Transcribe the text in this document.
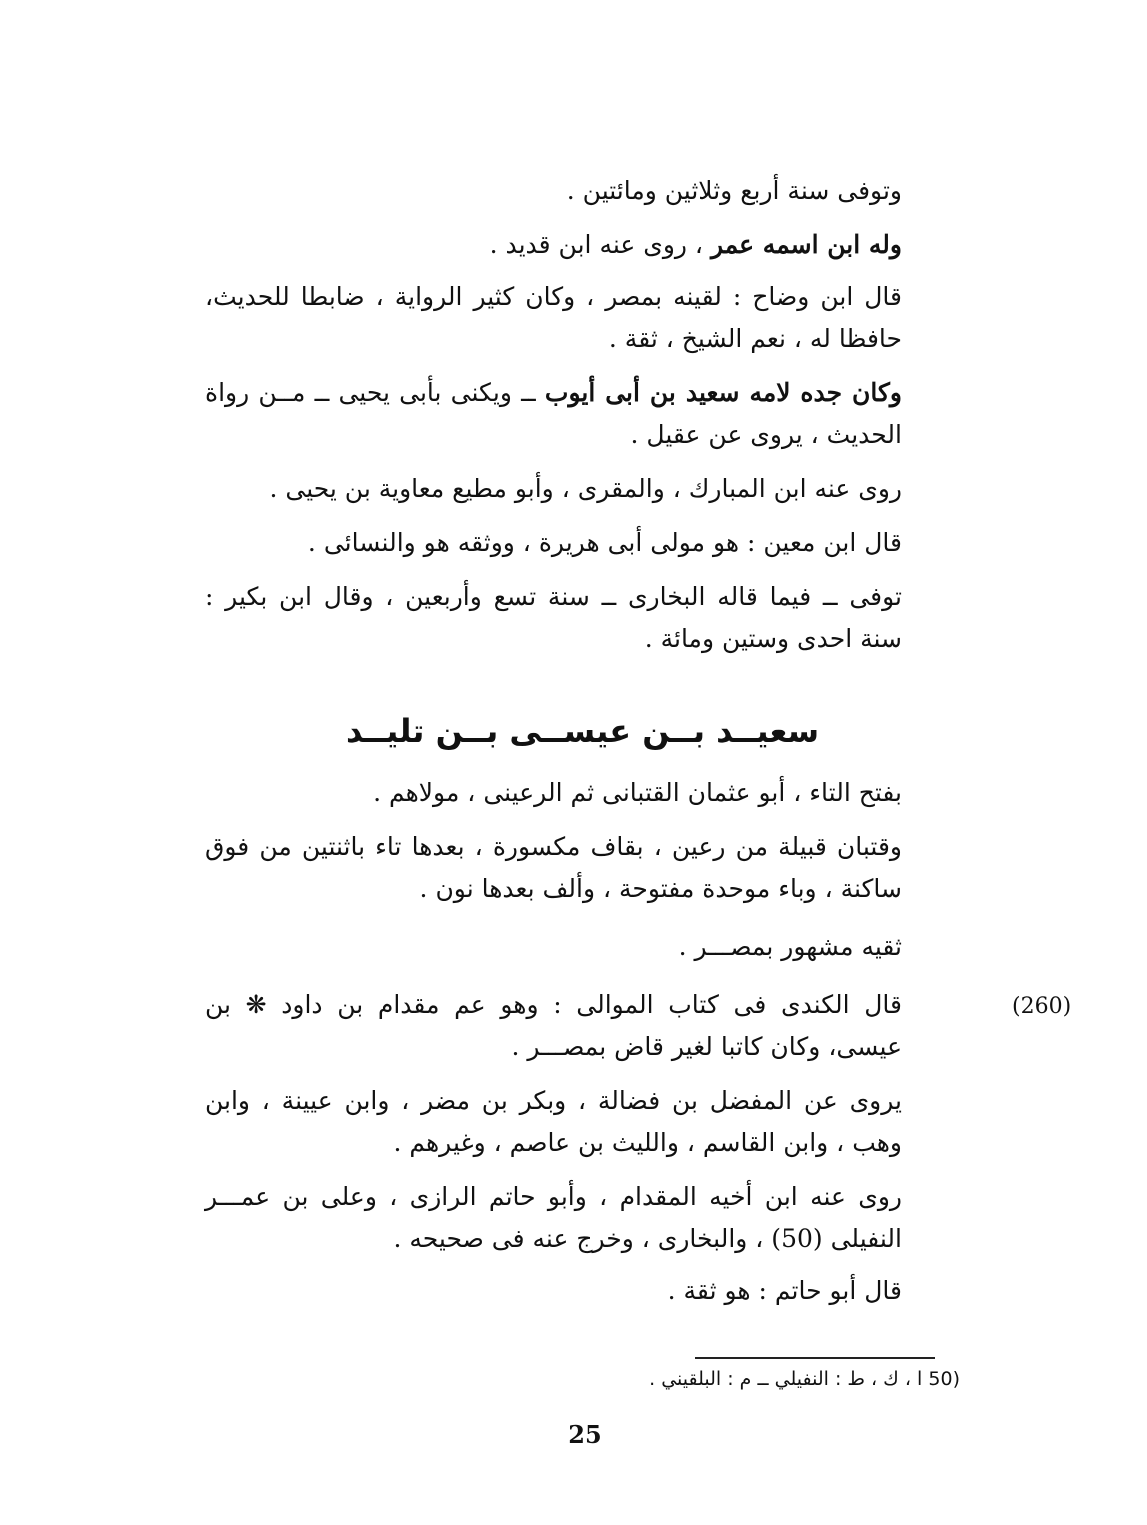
وتوفى سنة أربع وثلاثين ومائتين .

وله ابن اسمه عمر ، روى عنه ابن قديد .

قال ابن وضاح : لقينه بمصر ، وكان كثير الرواية ، ضابطا للحديث، حافظا له ، نعم الشيخ ، ثقة .

وكان جده لامه سعيد بن أبى أيوب ــ ويكنى بأبى يحيى ــ مــن رواة الحديث ، يروى عن عقيل .

روى عنه ابن المبارك ، والمقرى ، وأبو مطيع معاوية بن يحيى .

قال ابن معين : هو مولى أبى هريرة ، ووثقه هو والنسائى .

توفى ــ فيما قاله البخارى ــ سنة تسع وأربعين ، وقال ابن بكير : سنة احدى وستين ومائة .

سعيــد بــن عيســى بــن تليــد

بفتح التاء ، أبو عثمان القتبانى ثم الرعينى ، مولاهم .

وقتبان قبيلة من رعين ، بقاف مكسورة ، بعدها تاء باثنتين من فوق ساكنة ، وباء موحدة مفتوحة ، وألف بعدها نون .

ثقيه مشهور بمصـــر .

قال الكندى فى كتاب الموالى : وهو عم مقدام بن داود ❋ بن عيسى، وكان كاتبا لغير قاض بمصـــر .

يروى عن المفضل بن فضالة ، وبكر بن مضر ، وابن عيينة ، وابن وهب ، وابن القاسم ، والليث بن عاصم ، وغيرهم .

روى عنه ابن أخيه المقدام ، وأبو حاتم الرازى ، وعلى بن عمـــر النفيلى (50) ، والبخارى ، وخرج عنه فى صحيحه .

قال أبو حاتم : هو ثقة .

(260)
(50 ا ، ك ، ط : النفيلي ــ م : البلقيني .
25
